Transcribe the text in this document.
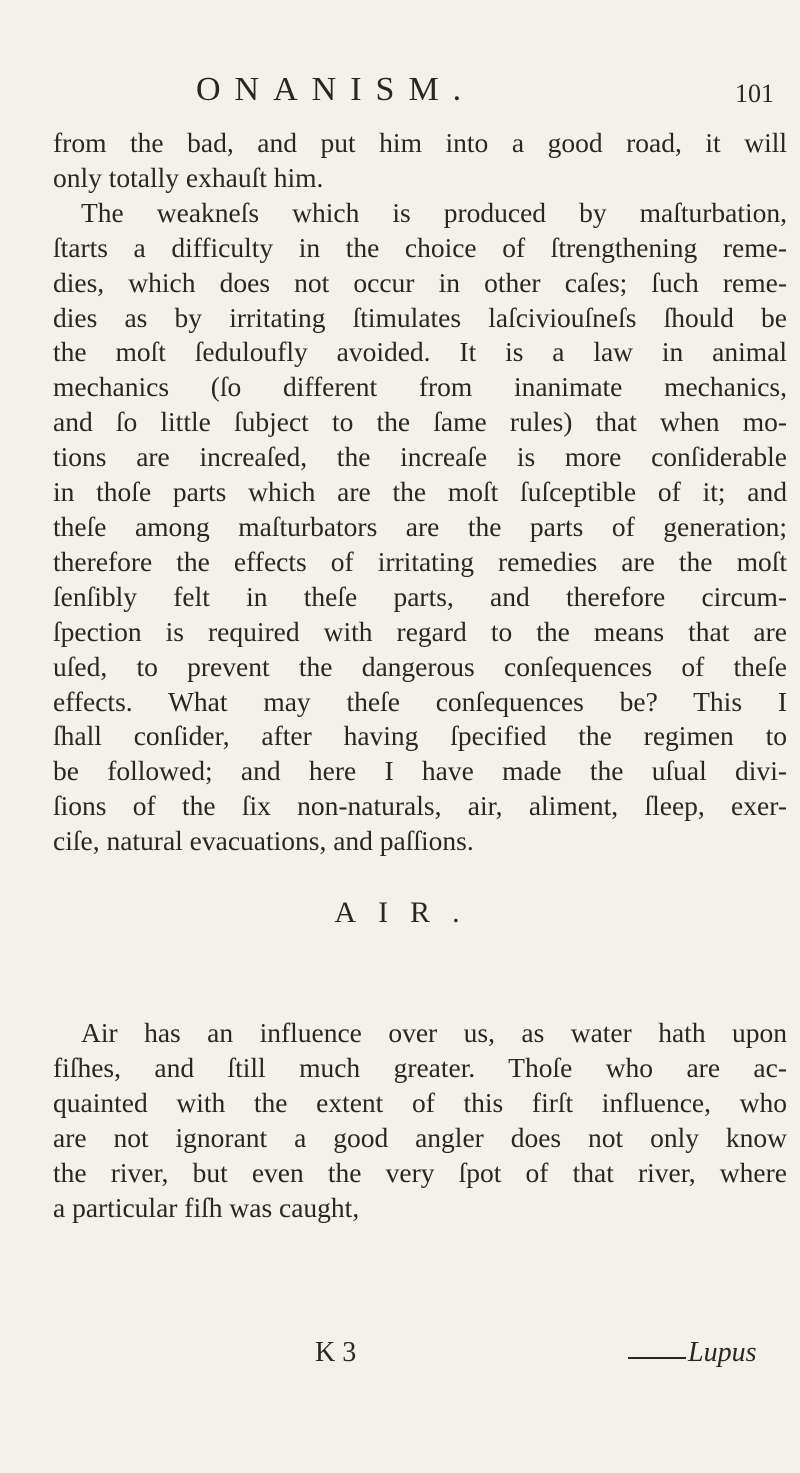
ONANISM.	101
from the bad, and put him into a good road, it will
only totally exhauſt him.
The weakneſs which is produced by maſturbation,
ſtarts a difficulty in the choice of ſtrengthening reme-
dies, which does not occur in other caſes; ſuch reme-
dies as by irritating ſtimulates laſciviouſneſs ſhould be
the moſt ſeduloufly avoided. It is a law in animal
mechanics (ſo different from inanimate mechanics,
and ſo little ſubject to the ſame rules) that when mo-
tions are increaſed, the increaſe is more conſiderable
in thoſe parts which are the moſt ſuſceptible of it; and
theſe among maſturbators are the parts of generation;
therefore the effects of irritating remedies are the moſt
ſenſibly felt in theſe parts, and therefore circum-
ſpection is required with regard to the means that are
uſed, to prevent the dangerous conſequences of theſe
effects. What may theſe conſequences be? This I
ſhall conſider, after having ſpecified the regimen to
be followed; and here I have made the uſual divi-
ſions of the ſix non-naturals, air, aliment, ſleep, exer-
ciſe, natural evacuations, and paſſions.
AIR.
Air has an influence over us, as water hath upon
fiſhes, and ſtill much greater. Thoſe who are ac-
quainted with the extent of this firſt influence, who
are not ignorant a good angler does not only know
the river, but even the very ſpot of that river, where
a particular fiſh was caught,
K 3	Lupus
